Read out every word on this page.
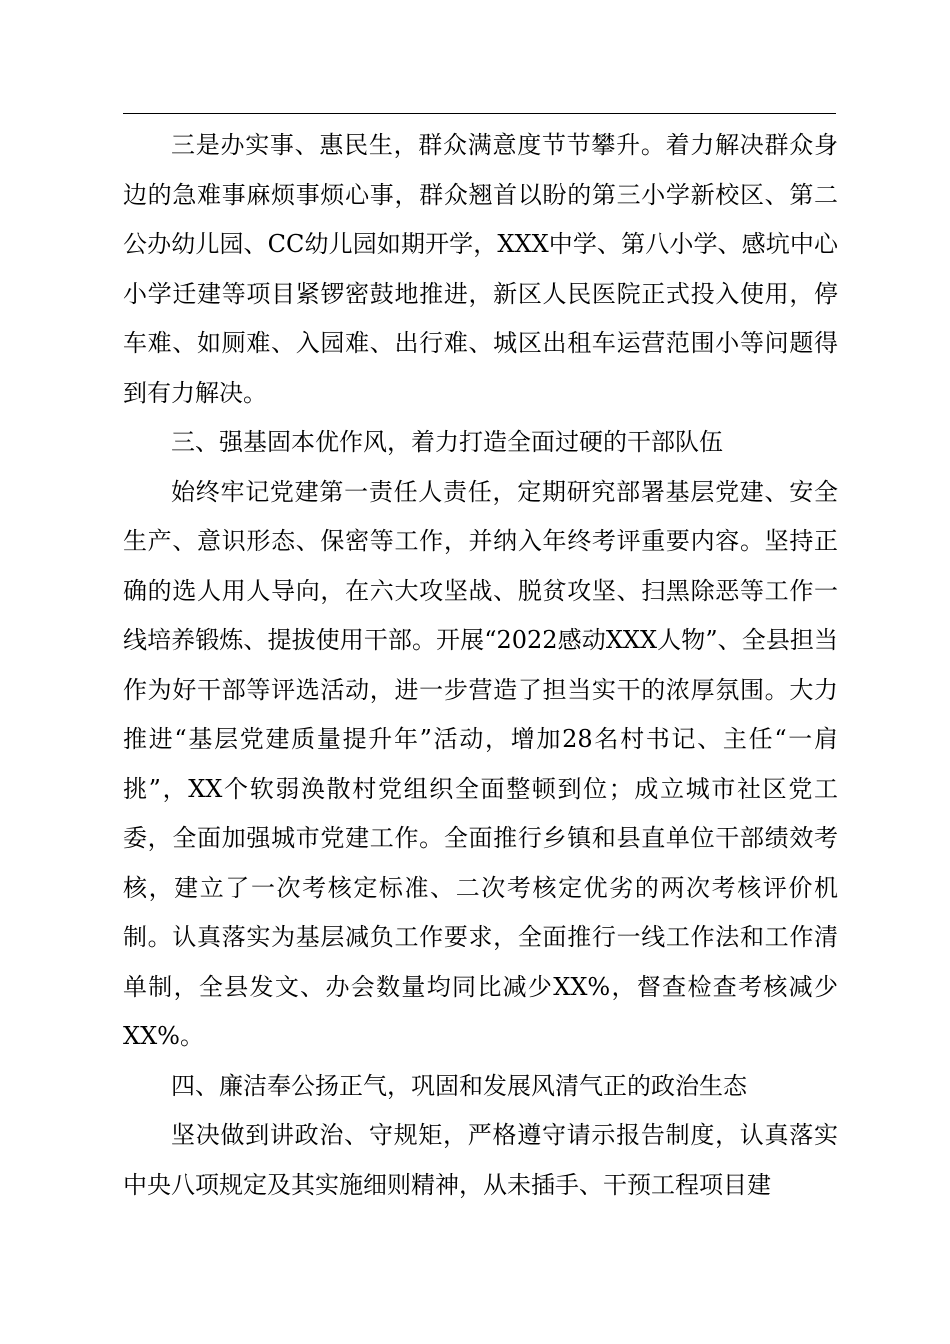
三是办实事、惠民生，群众满意度节节攀升。着力解决群众身边的急难事麻烦事烦心事，群众翘首以盼的第三小学新校区、第二公办幼儿园、CC幼儿园如期开学，XXX中学、第八小学、感坑中心小学迁建等项目紧锣密鼓地推进，新区人民医院正式投入使用，停车难、如厕难、入园难、出行难、城区出租车运营范围小等问题得到有力解决。

三、强基固本优作风，着力打造全面过硬的干部队伍

始终牢记党建第一责任人责任，定期研究部署基层党建、安全生产、意识形态、保密等工作，并纳入年终考评重要内容。坚持正确的选人用人导向，在六大攻坚战、脱贫攻坚、扫黑除恶等工作一线培养锻炼、提拔使用干部。开展“2022感动XXX人物”、全县担当作为好干部等评选活动，进一步营造了担当实干的浓厚氛围。大力推进“基层党建质量提升年”活动，增加28名村书记、主任“一肩挑”，XX个软弱涣散村党组织全面整顿到位；成立城市社区党工委，全面加强城市党建工作。全面推行乡镇和县直单位干部绩效考核，建立了一次考核定标准、二次考核定优劣的两次考核评价机制。认真落实为基层减负工作要求，全面推行一线工作法和工作清单制，全县发文、办会数量均同比减少XX%，督查检查考核减少XX%。

四、廉洁奉公扬正气，巩固和发展风清气正的政治生态

坚决做到讲政治、守规矩，严格遵守请示报告制度，认真落实中央八项规定及其实施细则精神，从未插手、干预工程项目建
